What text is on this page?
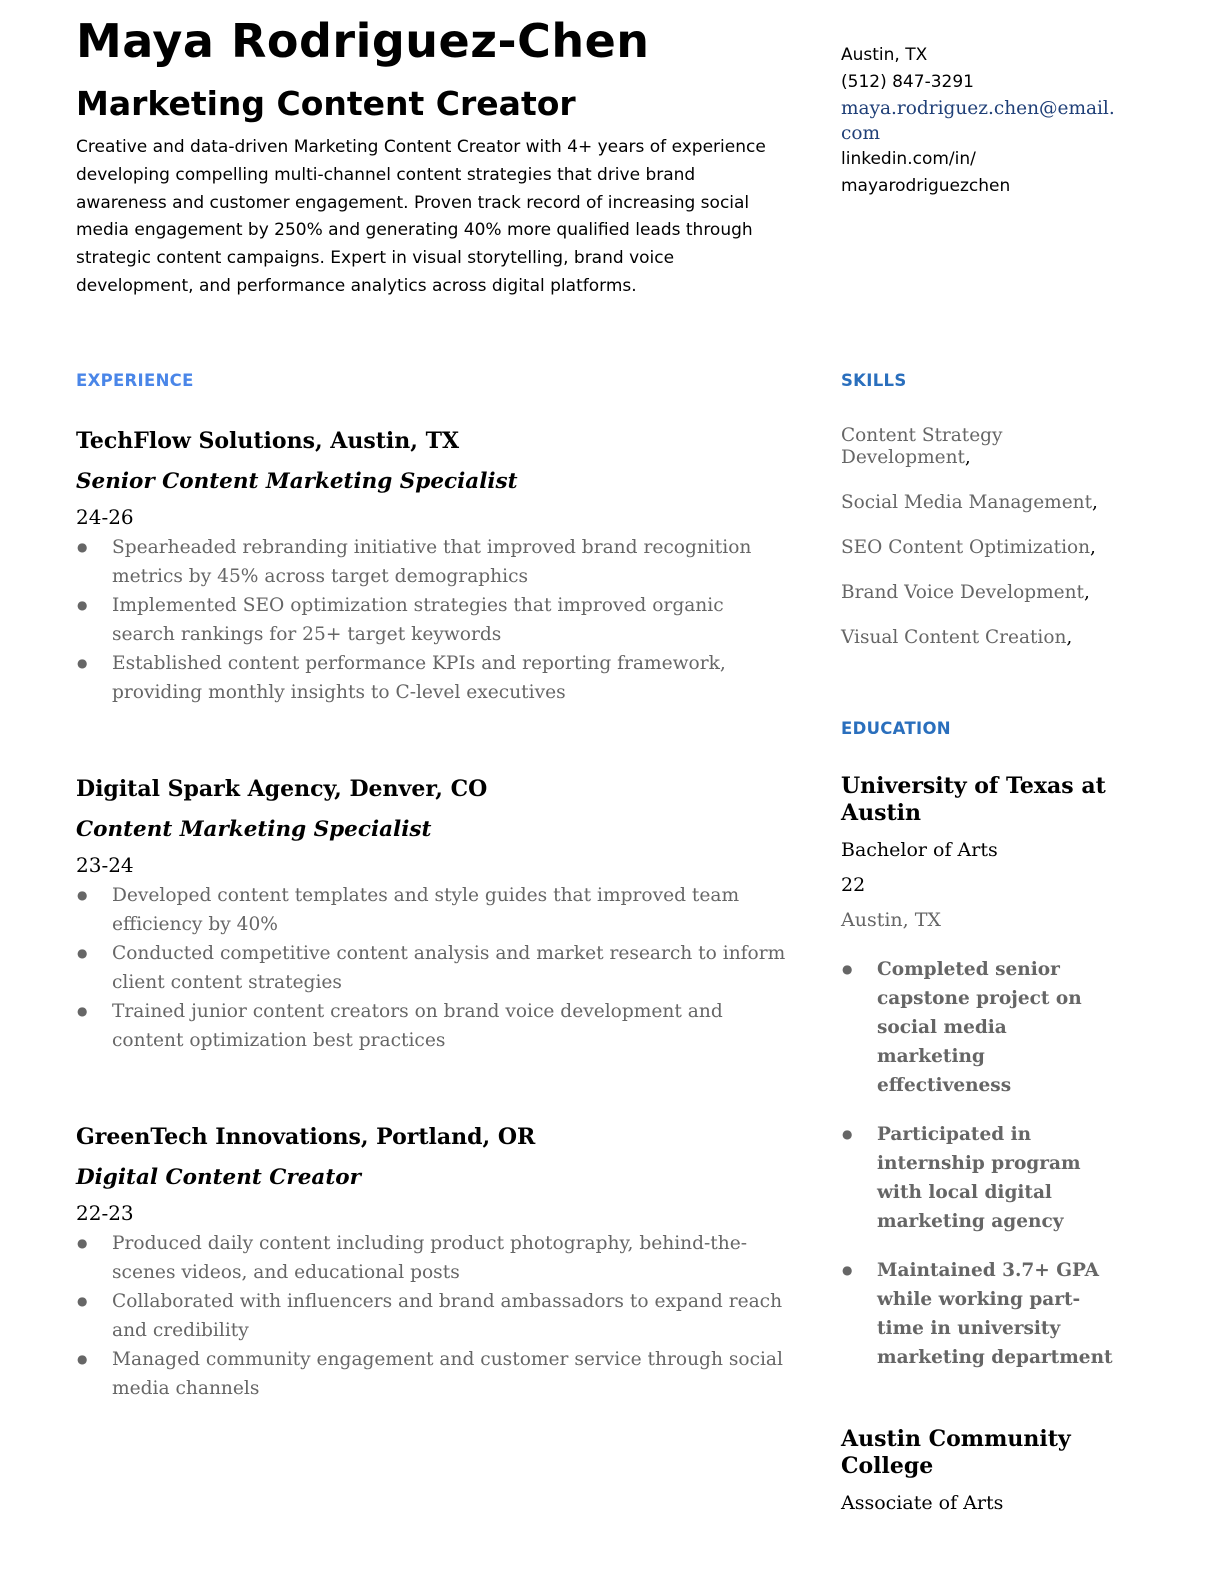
Maya Rodriguez-Chen
Marketing Content Creator

Creative and data-driven Marketing Content Creator with 4+ years of experience developing compelling multi-channel content strategies that drive brand awareness and customer engagement. Proven track record of increasing social media engagement by 250% and generating 40% more qualified leads through strategic content campaigns. Expert in visual storytelling, brand voice development, and performance analytics across digital platforms.

EXPERIENCE
TechFlow Solutions, Austin, TX
Senior Content Marketing Specialist
24-26
● Spearheaded rebranding initiative that improved brand recognition metrics by 45% across target demographics
● Implemented SEO optimization strategies that improved organic search rankings for 25+ target keywords
● Established content performance KPIs and reporting framework, providing monthly insights to C-level executives
Digital Spark Agency, Denver, CO
Content Marketing Specialist
23-24
● Developed content templates and style guides that improved team efficiency by 40%
● Conducted competitive content analysis and market research to inform client content strategies
● Trained junior content creators on brand voice development and content optimization best practices
GreenTech Innovations, Portland, OR
Digital Content Creator
22-23
● Produced daily content including product photography, behind-the-scenes videos, and educational posts
● Collaborated with influencers and brand ambassadors to expand reach and credibility
● Managed community engagement and customer service through social media channels
Austin, TX
(512) 847-3291
maya.rodriguez.chen@email.com
linkedin.com/in/
mayarodriguezchen
SKILLS
Content Strategy Development,
Social Media Management,
SEO Content Optimization,
Brand Voice Development,
Visual Content Creation,
EDUCATION
University of Texas at Austin
Bachelor of Arts
22
Austin, TX
● Completed senior capstone project on social media marketing effectiveness
● Participated in internship program with local digital marketing agency
● Maintained 3.7+ GPA while working part-time in university marketing department
Austin Community College
Associate of Arts
